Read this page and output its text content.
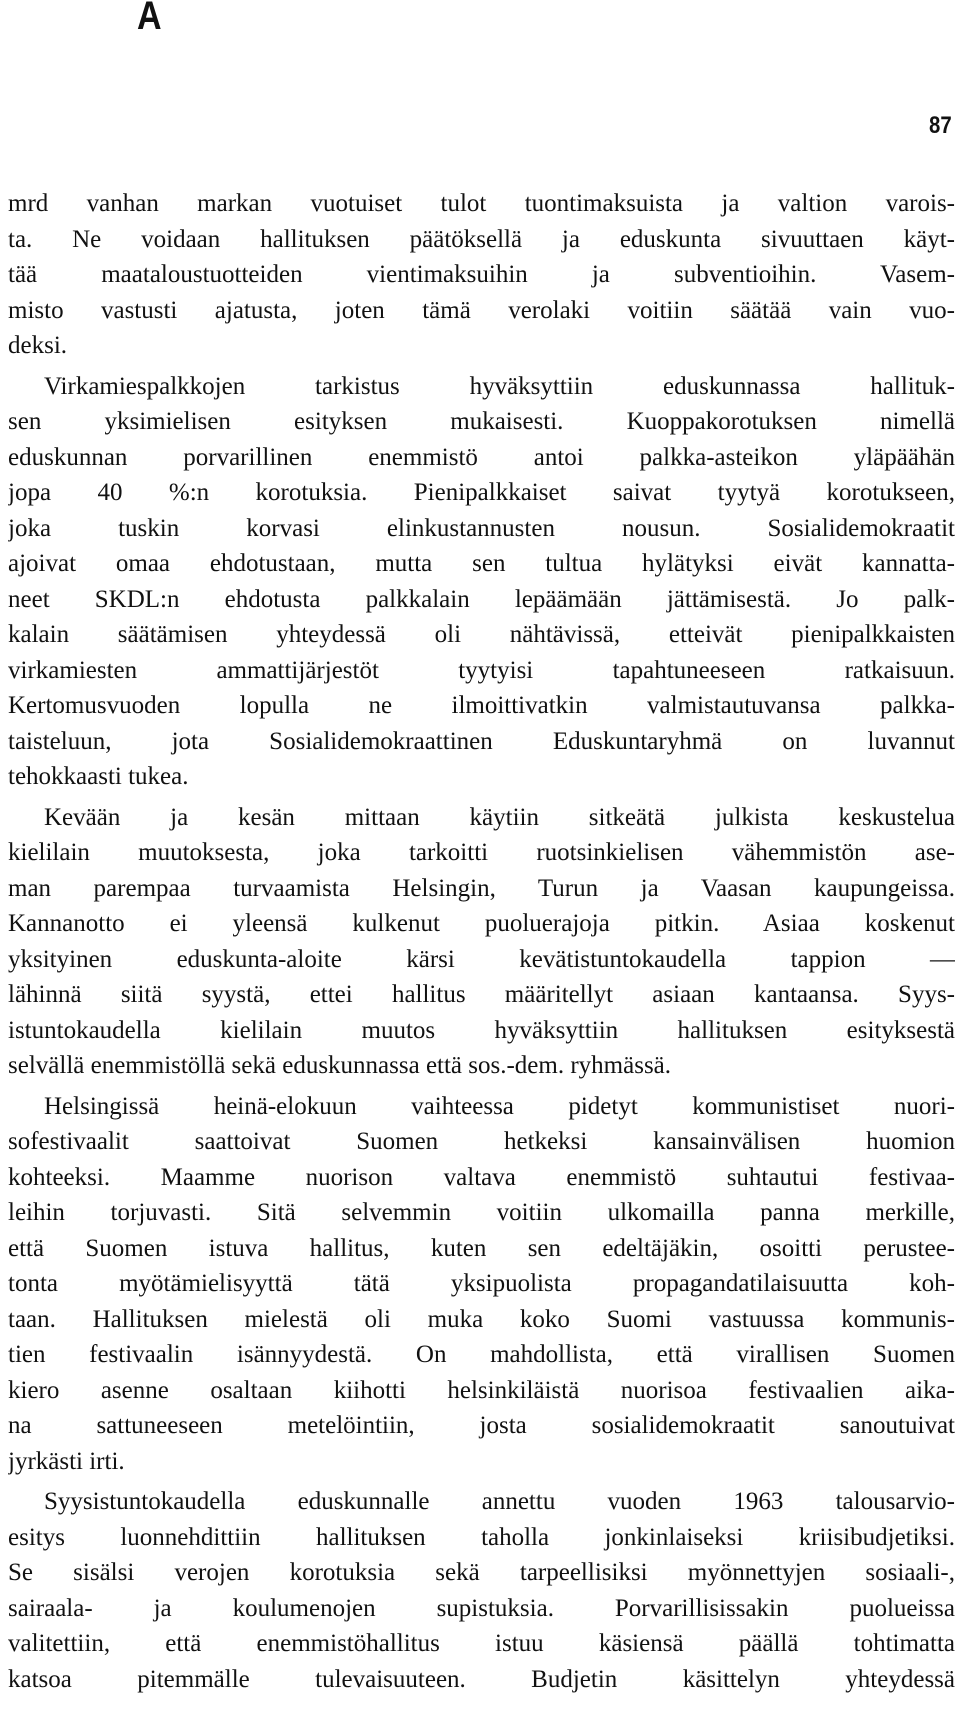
A
87
mrd vanhan markan vuotuiset tulot tuontimaksuista ja valtion varois-
ta. Ne voidaan hallituksen päätöksellä ja eduskunta sivuuttaen käyt-
tää maataloustuotteiden vientimaksuihin ja subventioihin. Vasem-
misto vastusti ajatusta, joten tämä verolaki voitiin säätää vain vuo-
deksi.
Virkamiespalkkojen tarkistus hyväksyttiin eduskunnassa hallituk-
sen yksimielisen esityksen mukaisesti. Kuoppakorotuksen nimellä
eduskunnan porvarillinen enemmistö antoi palkka-asteikon yläpäähän
jopa 40 %:n korotuksia. Pienipalkkaiset saivat tyytyä korotukseen,
joka tuskin korvasi elinkustannusten nousun. Sosialidemokraatit
ajoivat omaa ehdotustaan, mutta sen tultua hylätyksi eivät kannatta-
neet SKDL:n ehdotusta palkkalain lepäämään jättämisestä. Jo palk-
kalain säätämisen yhteydessä oli nähtävissä, etteivät pienipalkkaisten
virkamiesten ammattijärjestöt tyytyisi tapahtuneeseen ratkaisuun.
Kertomusvuoden lopulla ne ilmoittivatkin valmistautuvansa palkka-
taisteluun, jota Sosialidemokraattinen Eduskuntaryhmä on luvannut
tehokkaasti tukea.
Kevään ja kesän mittaan käytiin sitkeätä julkista keskustelua
kielilain muutoksesta, joka tarkoitti ruotsinkielisen vähemmistön ase-
man parempaa turvaamista Helsingin, Turun ja Vaasan kaupungeissa.
Kannanotto ei yleensä kulkenut puoluerajoja pitkin. Asiaa koskenut
yksityinen eduskunta-aloite kärsi kevätistuntokaudella tappion —
lähinnä siitä syystä, ettei hallitus määritellyt asiaan kantaansa. Syys-
istuntokaudella kielilain muutos hyväksyttiin hallituksen esityksestä
selvällä enemmistöllä sekä eduskunnassa että sos.-dem. ryhmässä.
Helsingissä heinä-elokuun vaihteessa pidetyt kommunistiset nuori-
sofestivaalit saattoivat Suomen hetkeksi kansainvälisen huomion
kohteeksi. Maamme nuorison valtava enemmistö suhtautui festivaa-
leihin torjuvasti. Sitä selvemmin voitiin ulkomailla panna merkille,
että Suomen istuva hallitus, kuten sen edeltäjäkin, osoitti perustee-
tonta myötämielisyyttä tätä yksipuolista propagandatilaisuutta koh-
taan. Hallituksen mielestä oli muka koko Suomi vastuussa kommunis-
tien festivaalin isännyydestä. On mahdollista, että virallisen Suomen
kiero asenne osaltaan kiihotti helsinkiläistä nuorisoa festivaalien aika-
na sattuneeseen metelöintiin, josta sosialidemokraatit sanoutuivat
jyrkästi irti.
Syysistuntokaudella eduskunnalle annettu vuoden 1963 talousarvio-
esitys luonnehdittiin hallituksen taholla jonkinlaiseksi kriisibudjetiksi.
Se sisälsi verojen korotuksia sekä tarpeellisiksi myönnettyjen sosiaali-,
sairaala- ja koulumenojen supistuksia. Porvarillisissakin puolueissa
valitettiin, että enemmistöhallitus istuu käsiensä päällä tohtimatta
katsoa pitemmälle tulevaisuuteen. Budjetin käsittelyn yhteydessä
